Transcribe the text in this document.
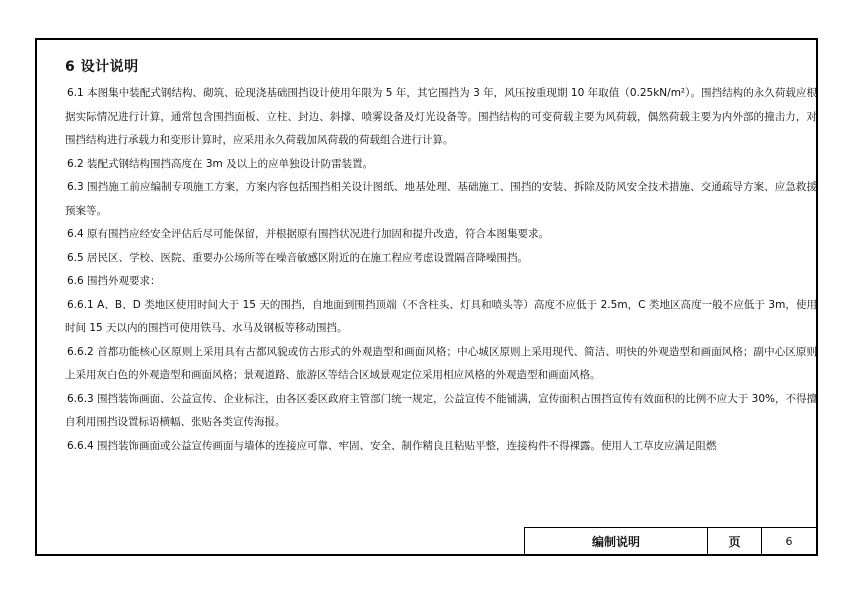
6 设计说明

6.1 本图集中装配式钢结构、砌筑、砼现浇基础围挡设计使用年限为 5 年，其它围挡为 3 年，风压按重现期 10 年取值（0.25kN/m²）。围挡结构的永久荷载应根据实际情况进行计算，通常包含围挡面板、立柱、封边、斜撑、喷雾设备及灯光设备等。围挡结构的可变荷载主要为风荷载，偶然荷载主要为内外部的撞击力，对围挡结构进行承载力和变形计算时，应采用永久荷载加风荷载的荷载组合进行计算。

6.2 装配式钢结构围挡高度在 3m 及以上的应单独设计防雷装置。

6.3 围挡施工前应编制专项施工方案，方案内容包括围挡相关设计图纸、地基处理、基础施工、围挡的安装、拆除及防风安全技术措施、交通疏导方案、应急救援预案等。

6.4 原有围挡应经安全评估后尽可能保留，并根据原有围挡状况进行加固和提升改造，符合本图集要求。

6.5 居民区、学校、医院、重要办公场所等在噪音敏感区附近的在施工程应考虑设置隔音降噪围挡。

6.6 围挡外观要求：

6.6.1 A、B、D 类地区使用时间大于 15 天的围挡，自地面到围挡顶端（不含柱头、灯具和喷头等）高度不应低于 2.5m，C 类地区高度一般不应低于 3m，使用时间 15 天以内的围挡可使用铁马、水马及钢板等移动围挡。

6.6.2 首都功能核心区原则上采用具有古都风貌或仿古形式的外观造型和画面风格；中心城区原则上采用现代、简洁、明快的外观造型和画面风格；副中心区原则上采用灰白色的外观造型和画面风格；景观道路、旅游区等结合区域景观定位采用相应风格的外观造型和画面风格。

6.6.3 围挡装饰画面、公益宣传、企业标注，由各区委区政府主管部门统一规定，公益宣传不能铺满，宣传面积占围挡宣传有效面积的比例不应大于 30%，不得擅自利用围挡设置标语横幅、张贴各类宣传海报。

6.6.4 围挡装饰画面或公益宣传画面与墙体的连接应可靠、牢固、安全、制作精良且粘贴平整，连接构件不得裸露。使用人工草皮应满足阻燃

编制说明	页	6
